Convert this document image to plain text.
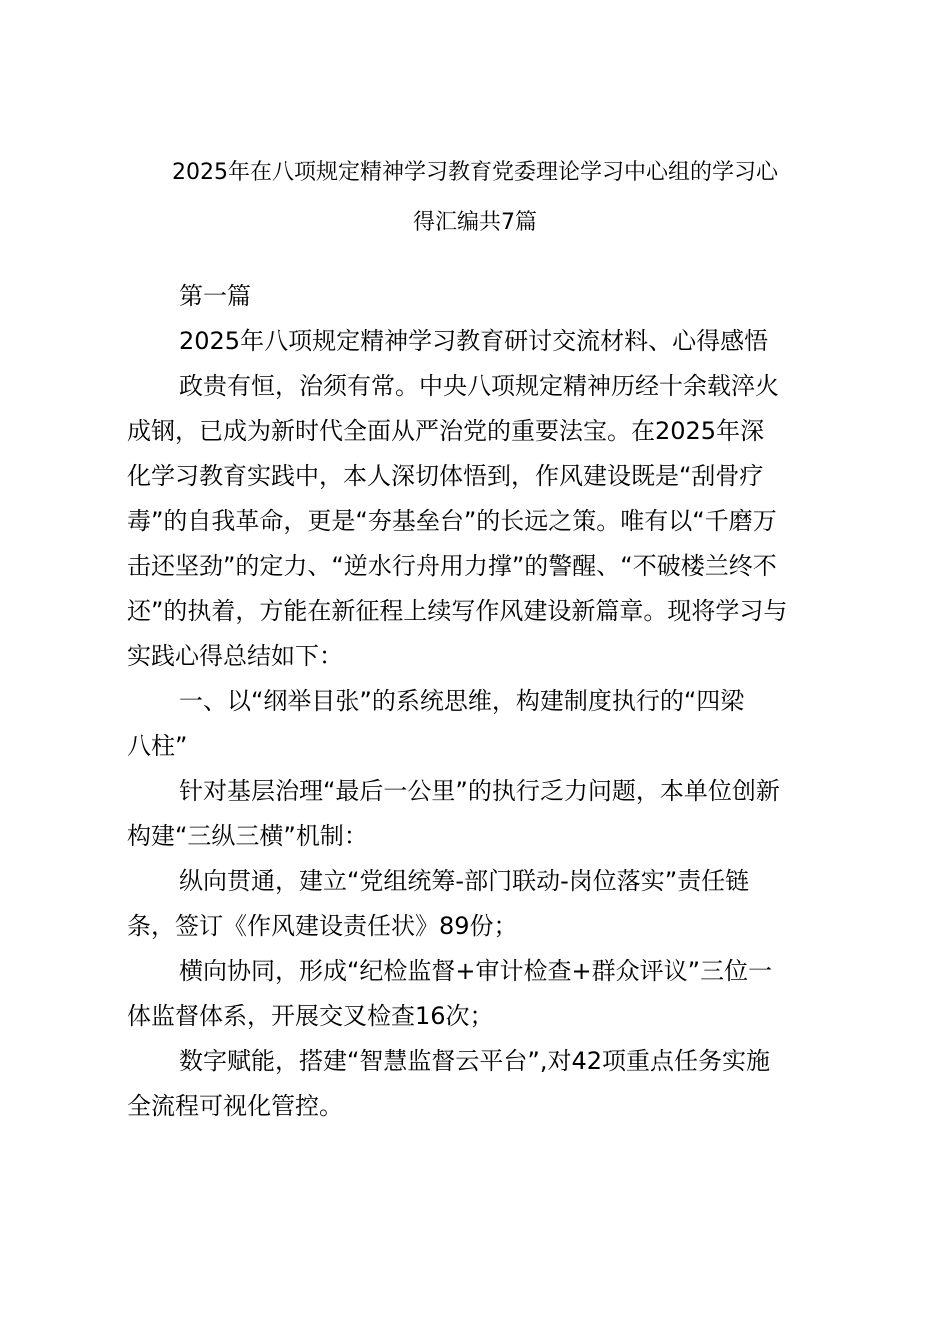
2025年在八项规定精神学习教育党委理论学习中心组的学习心

得汇编共7篇

第一篇

2025年八项规定精神学习教育研讨交流材料、心得感悟

政贵有恒，治须有常。中央八项规定精神历经十余载淬火

成钢，已成为新时代全面从严治党的重要法宝。在2025年深

化学习教育实践中，本人深切体悟到，作风建设既是“刮骨疗

毒”的自我革命，更是“夯基垒台”的长远之策。唯有以“千磨万

击还坚劲”的定力、“逆水行舟用力撑”的警醒、“不破楼兰终不

还”的执着，方能在新征程上续写作风建设新篇章。现将学习与

实践心得总结如下：

一、以“纲举目张”的系统思维，构建制度执行的“四梁

八柱”

针对基层治理“最后一公里”的执行乏力问题，本单位创新

构建“三纵三横”机制：

纵向贯通，建立“党组统筹-部门联动-岗位落实”责任链

条，签订《作风建设责任状》89份；

横向协同，形成“纪检监督+审计检查+群众评议”三位一

体监督体系，开展交叉检查16次；

数字赋能，搭建“智慧监督云平台”,对42项重点任务实施

全流程可视化管控。
